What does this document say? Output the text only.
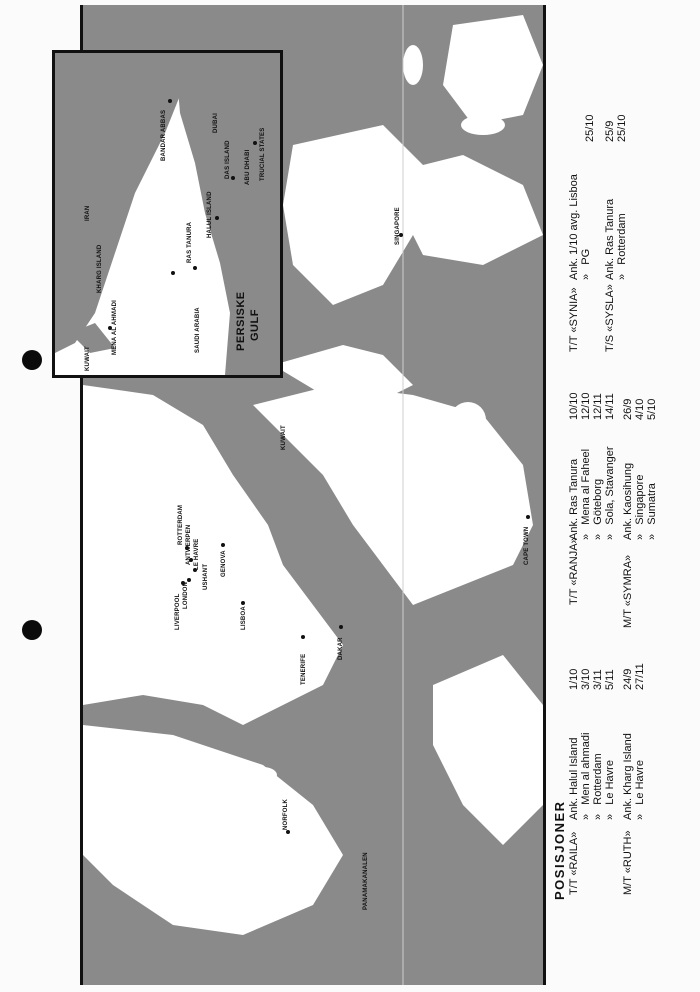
ROTTERDAM ANTWERPEN LE HAVRE
USHANT
LONDON
LIVERPOOL
GENOVA
LISBOA
TENERIFE
DAKAR
CAPE TOWN
NORFOLK
PANAMAKANALEN
KUWAIT
SINGAPORE
KUWAIT
MENA AL AHMADI
KHARG ISLAND
IRAN
SAUDI ARABIA
RAS TANURA
HALUL ISLAND
BANDAR ABBAS	DUBAI
DAS ISLAND ABU DHABI TRUCIAL STATES
PERSISKE GULF
POSISJONER T/T «RAILA»
Ank. Halul Island
1/10
»   Men al ahmadi
3/10
»   Rotterdam
3/11
»   Le Havre
5/11
M/T «RUTH»
Ank. Kharg Island
24/9
»   Le Havre
27/11
T/T «RANJA»
Ank. Ras Tanura
10/10
»   Mena al Faheel
12/10
»   Göteborg
12/11
»   Sola, Stavanger
14/11
M/T «SYMRA»
Ank. Kaosihung
26/9
»   Singapore
4/10
»   Sumatra
5/10
T/T «SYNIA»
Ank. 1/10 avg. Lisboa
25/10
»   PG
T/S «SYSLA»
Ank. Ras Tanura
25/9
»   Rotterdam
25/10
